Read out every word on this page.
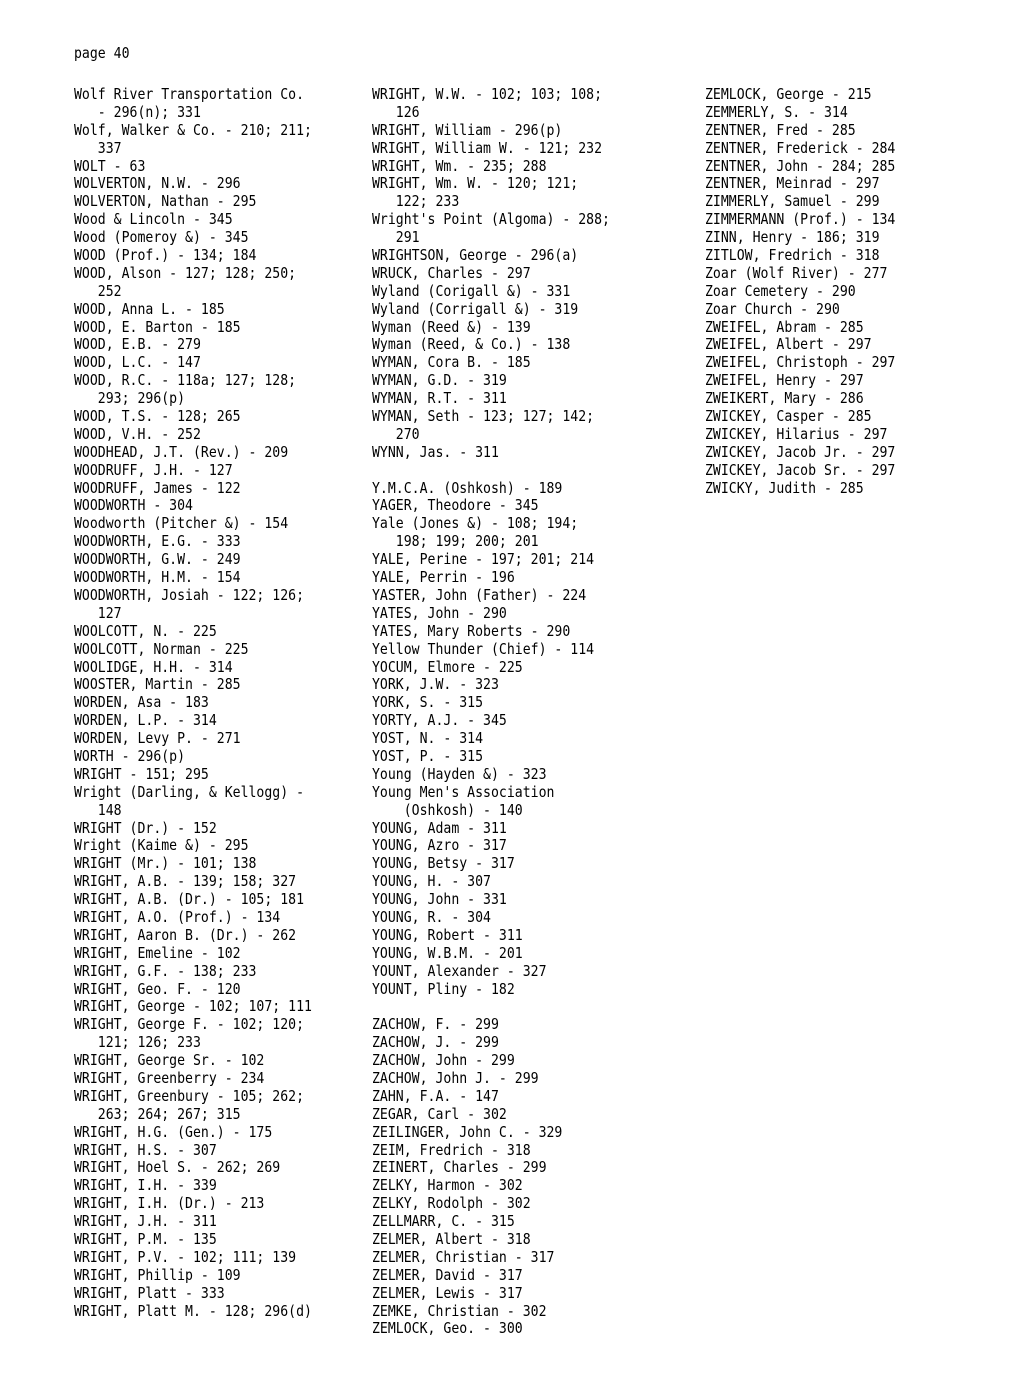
page 40
Wolf River Transportation Co.
- 296(n); 331
Wolf, Walker & Co. - 210; 211;
337
WOLT - 63
WOLVERTON, N.W. - 296
WOLVERTON, Nathan - 295
Wood & Lincoln - 345
Wood (Pomeroy &) - 345
WOOD (Prof.) - 134; 184
WOOD, Alson - 127; 128; 250;
252
WOOD, Anna L. - 185
WOOD, E. Barton - 185
WOOD, E.B. - 279
WOOD, L.C. - 147
WOOD, R.C. - 118a; 127; 128;
293; 296(p)
WOOD, T.S. - 128; 265
WOOD, V.H. - 252
WOODHEAD, J.T. (Rev.) - 209
WOODRUFF, J.H. - 127
WOODRUFF, James - 122
WOODWORTH - 304
Woodworth (Pitcher &) - 154
WOODWORTH, E.G. - 333
WOODWORTH, G.W. - 249
WOODWORTH, H.M. - 154
WOODWORTH, Josiah - 122; 126;
127
WOOLCOTT, N. - 225
WOOLCOTT, Norman - 225
WOOLIDGE, H.H. - 314
WOOSTER, Martin - 285
WORDEN, Asa - 183
WORDEN, L.P. - 314
WORDEN, Levy P. - 271
WORTH - 296(p)
WRIGHT - 151; 295
Wright (Darling, & Kellogg) -
148
WRIGHT (Dr.) - 152
Wright (Kaime &) - 295
WRIGHT (Mr.) - 101; 138
WRIGHT, A.B. - 139; 158; 327
WRIGHT, A.B. (Dr.) - 105; 181
WRIGHT, A.O. (Prof.) - 134
WRIGHT, Aaron B. (Dr.) - 262
WRIGHT, Emeline - 102
WRIGHT, G.F. - 138; 233
WRIGHT, Geo. F. - 120
WRIGHT, George - 102; 107; 111
WRIGHT, George F. - 102; 120;
121; 126; 233
WRIGHT, George Sr. - 102
WRIGHT, Greenberry - 234
WRIGHT, Greenbury - 105; 262;
263; 264; 267; 315
WRIGHT, H.G. (Gen.) - 175
WRIGHT, H.S. - 307
WRIGHT, Hoel S. - 262; 269
WRIGHT, I.H. - 339
WRIGHT, I.H. (Dr.) - 213
WRIGHT, J.H. - 311
WRIGHT, P.M. - 135
WRIGHT, P.V. - 102; 111; 139
WRIGHT, Phillip - 109
WRIGHT, Platt - 333
WRIGHT, Platt M. - 128; 296(d)
WRIGHT, W.W. - 102; 103; 108;
126
WRIGHT, William - 296(p)
WRIGHT, William W. - 121; 232
WRIGHT, Wm. - 235; 288
WRIGHT, Wm. W. - 120; 121;
122; 233
Wright's Point (Algoma) - 288;
291
WRIGHTSON, George - 296(a)
WRUCK, Charles - 297
Wyland (Corigall &) - 331
Wyland (Corrigall &) - 319
Wyman (Reed &) - 139
Wyman (Reed, & Co.) - 138
WYMAN, Cora B. - 185
WYMAN, G.D. - 319
WYMAN, R.T. - 311
WYMAN, Seth - 123; 127; 142;
270
WYNN, Jas. - 311
Y.M.C.A. (Oshkosh) - 189
YAGER, Theodore - 345
Yale (Jones &) - 108; 194;
198; 199; 200; 201
YALE, Perine - 197; 201; 214
YALE, Perrin - 196
YASTER, John (Father) - 224
YATES, John - 290
YATES, Mary Roberts - 290
Yellow Thunder (Chief) - 114
YOCUM, Elmore - 225
YORK, J.W. - 323
YORK, S. - 315
YORTY, A.J. - 345
YOST, N. - 314
YOST, P. - 315
Young (Hayden &) - 323
Young Men's Association
(Oshkosh) - 140
YOUNG, Adam - 311
YOUNG, Azro - 317
YOUNG, Betsy - 317
YOUNG, H. - 307
YOUNG, John - 331
YOUNG, R. - 304
YOUNG, Robert - 311
YOUNG, W.B.M. - 201
YOUNT, Alexander - 327
YOUNT, Pliny - 182
ZACHOW, F. - 299
ZACHOW, J. - 299
ZACHOW, John - 299
ZACHOW, John J. - 299
ZAHN, F.A. - 147
ZEGAR, Carl - 302
ZEILINGER, John C. - 329
ZEIM, Fredrich - 318
ZEINERT, Charles - 299
ZELKY, Harmon - 302
ZELKY, Rodolph - 302
ZELLMARR, C. - 315
ZELMER, Albert - 318
ZELMER, Christian - 317
ZELMER, David - 317
ZELMER, Lewis - 317
ZEMKE, Christian - 302
ZEMLOCK, Geo. - 300
ZEMLOCK, George - 215
ZEMMERLY, S. - 314
ZENTNER, Fred - 285
ZENTNER, Frederick - 284
ZENTNER, John - 284; 285
ZENTNER, Meinrad - 297
ZIMMERLY, Samuel - 299
ZIMMERMANN (Prof.) - 134
ZINN, Henry - 186; 319
ZITLOW, Fredrich - 318
Zoar (Wolf River) - 277
Zoar Cemetery - 290
Zoar Church - 290
ZWEIFEL, Abram - 285
ZWEIFEL, Albert - 297
ZWEIFEL, Christoph - 297
ZWEIFEL, Henry - 297
ZWEIKERT, Mary - 286
ZWICKEY, Casper - 285
ZWICKEY, Hilarius - 297
ZWICKEY, Jacob Jr. - 297
ZWICKEY, Jacob Sr. - 297
ZWICKY, Judith - 285
